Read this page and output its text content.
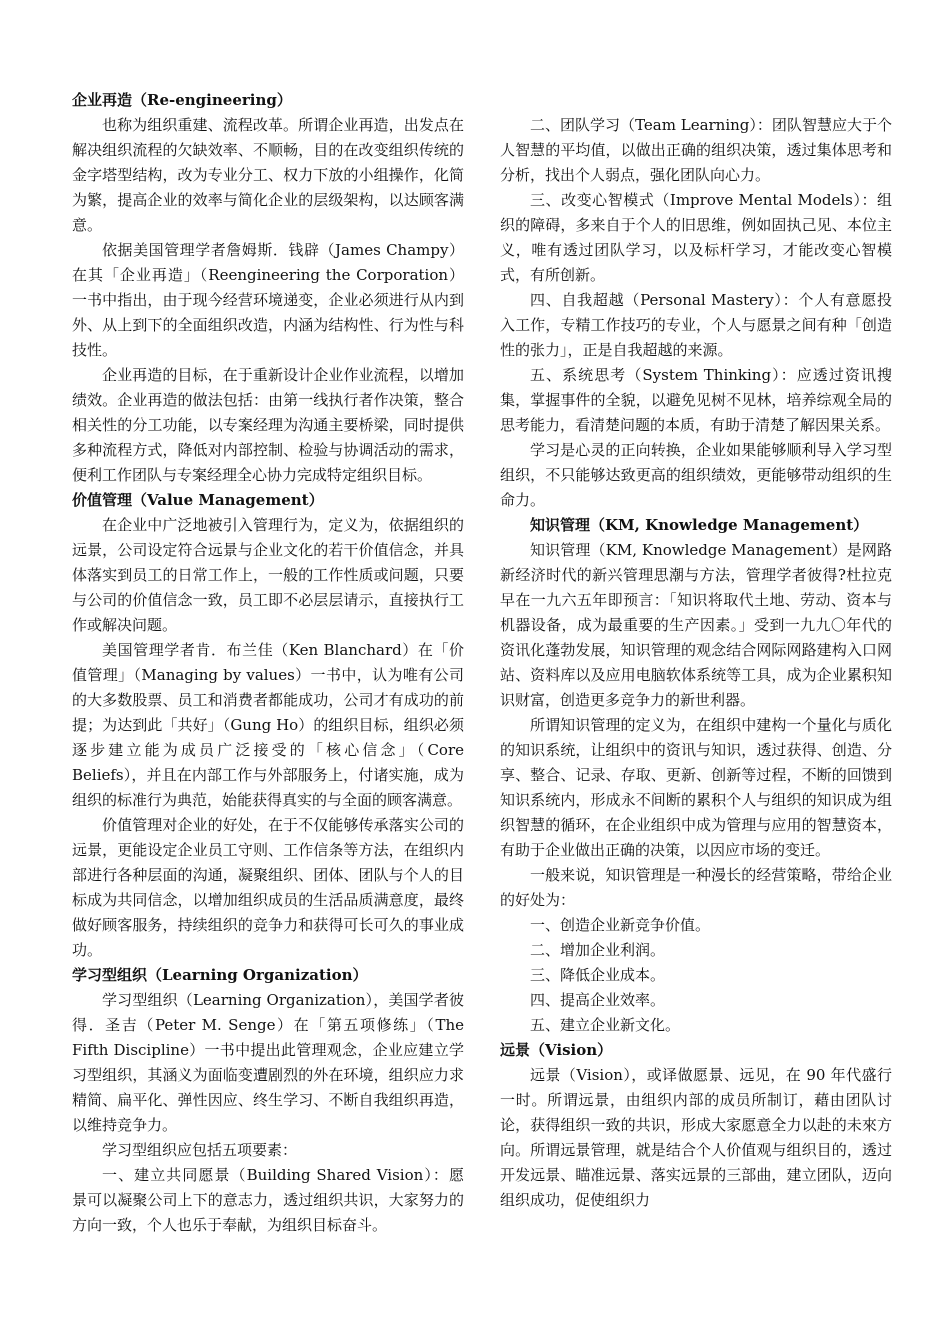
企业再造（Re-engineering）

也称为组织重建、流程改革。所谓企业再造，出发点在解决组织流程的欠缺效率、不顺畅，目的在改变组织传统的金字塔型结构，改为专业分工、权力下放的小组操作，化简为繁，提高企业的效率与简化企业的层级架构，以达顾客满意。

依据美国管理学者詹姆斯．钱辟（James Champy）在其「企业再造」（Reengineering the Corporation）一书中指出，由于现今经营环境递变，企业必须进行从内到外、从上到下的全面组织改造，内涵为结构性、行为性与科技性。

企业再造的目标，在于重新设计企业作业流程，以增加绩效。企业再造的做法包括：由第一线执行者作决策，整合相关性的分工功能，以专案经理为沟通主要桥梁，同时提供多种流程方式，降低对内部控制、检验与协调活动的需求，便利工作团队与专案经理全心协力完成特定组织目标。

价值管理（Value Management）

在企业中广泛地被引入管理行为，定义为，依据组织的远景，公司设定符合远景与企业文化的若干价值信念，并具体落实到员工的日常工作上，一般的工作性质或问题，只要与公司的价值信念一致，员工即不必层层请示，直接执行工作或解决问题。

美国管理学者肯．布兰佳（Ken Blanchard）在「价值管理」（Managing by values）一书中，认为唯有公司的大多数股票、员工和消费者都能成功，公司才有成功的前提；为达到此「共好」（Gung Ho）的组织目标，组织必须逐步建立能为成员广泛接受的「核心信念」（Core Beliefs），并且在内部工作与外部服务上，付诸实施，成为组织的标准行为典范，始能获得真实的与全面的顾客满意。

价值管理对企业的好处，在于不仅能够传承落实公司的远景，更能设定企业员工守则、工作信条等方法，在组织内部进行各种层面的沟通，凝聚组织、团体、团队与个人的目标成为共同信念，以增加组织成员的生活品质满意度，最终做好顾客服务，持续组织的竞争力和获得可长可久的事业成功。

学习型组织（Learning Organization）

学习型组织（Learning Organization），美国学者彼得．圣吉（Peter M. Senge）在「第五项修练」（The Fifth Discipline）一书中提出此管理观念，企业应建立学习型组织，其涵义为面临变遭剧烈的外在环境，组织应力求精简、扁平化、弹性因应、终生学习、不断自我组织再造，以维持竞争力。

学习型组织应包括五项要素：

一、建立共同愿景（Building Shared Vision）：愿景可以凝聚公司上下的意志力，透过组织共识，大家努力的方向一致，个人也乐于奉献，为组织目标奋斗。

二、团队学习（Team Learning）：团队智慧应大于个人智慧的平均值，以做出正确的组织决策，透过集体思考和分析，找出个人弱点，强化团队向心力。

三、改变心智模式（Improve Mental Models）：组织的障碍，多来自于个人的旧思维，例如固执己见、本位主义，唯有透过团队学习，以及标杆学习，才能改变心智模式，有所创新。

四、自我超越（Personal Mastery）：个人有意愿投入工作，专精工作技巧的专业，个人与愿景之间有种「创造性的张力」，正是自我超越的来源。

五、系统思考（System Thinking）：应透过资讯搜集，掌握事件的全貌，以避免见树不见林，培养综观全局的思考能力，看清楚问题的本质，有助于清楚了解因果关系。

学习是心灵的正向转换，企业如果能够顺利导入学习型组织，不只能够达致更高的组织绩效，更能够带动组织的生命力。

知识管理（KM, Knowledge Management）

知识管理（KM, Knowledge Management）是网路新经济时代的新兴管理思潮与方法，管理学者彼得?杜拉克早在一九六五年即预言：「知识将取代土地、劳动、资本与机器设备，成为最重要的生产因素。」受到一九九〇年代的资讯化蓬勃发展，知识管理的观念结合网际网路建构入口网站、资料库以及应用电脑软体系统等工具，成为企业累积知识财富，创造更多竞争力的新世利器。

所谓知识管理的定义为，在组织中建构一个量化与质化的知识系统，让组织中的资讯与知识，透过获得、创造、分享、整合、记录、存取、更新、创新等过程，不断的回馈到知识系统内，形成永不间断的累积个人与组织的知识成为组织智慧的循环，在企业组织中成为管理与应用的智慧资本，有助于企业做出正确的决策，以因应市场的变迁。

一般来说，知识管理是一种漫长的经营策略，带给企业的好处为：

一、创造企业新竞争价值。

二、增加企业利润。

三、降低企业成本。

四、提高企业效率。

五、建立企业新文化。

远景（Vision）

远景（Vision），或译做愿景、远见，在 90 年代盛行一时。所谓远景，由组织内部的成员所制订，藉由团队讨论，获得组织一致的共识，形成大家愿意全力以赴的未來方向。所谓远景管理，就是结合个人价值观与组织目的，透过开发远景、瞄准远景、落实远景的三部曲，建立团队，迈向组织成功，促使组织力
